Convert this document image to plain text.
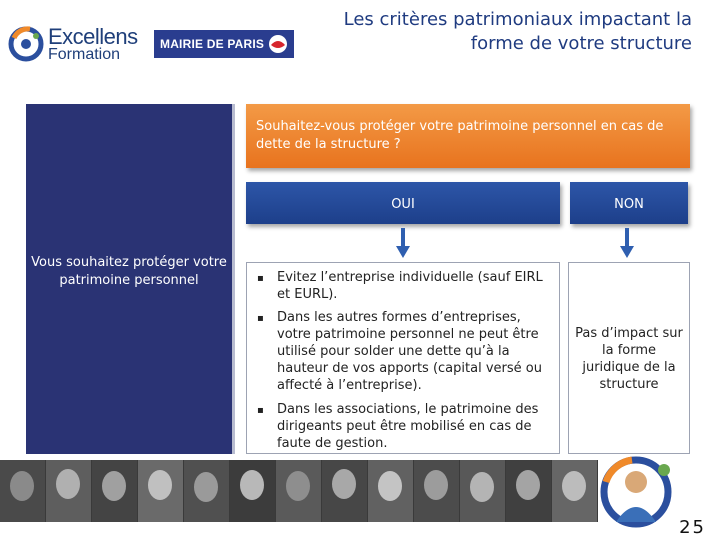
Excellens
Formation
MAIRIE DE PARIS
Les critères patrimoniaux impactant la forme de votre structure
Vous souhaitez protéger votre patrimoine personnel
Souhaitez-vous protéger votre patrimoine personnel en cas de dette de la structure ?
OUI	NON
▪ Evitez l’entreprise individuelle (sauf EIRL et EURL).
▪ Dans les autres formes d’entreprises, votre patrimoine personnel ne peut être utilisé pour solder une dette qu’à la hauteur de vos apports (capital versé ou affecté à l’entreprise).
▪ Dans les associations, le patrimoine des dirigeants peut être mobilisé en cas de faute de gestion.
Pas d’impact sur la forme juridique de la structure
25
